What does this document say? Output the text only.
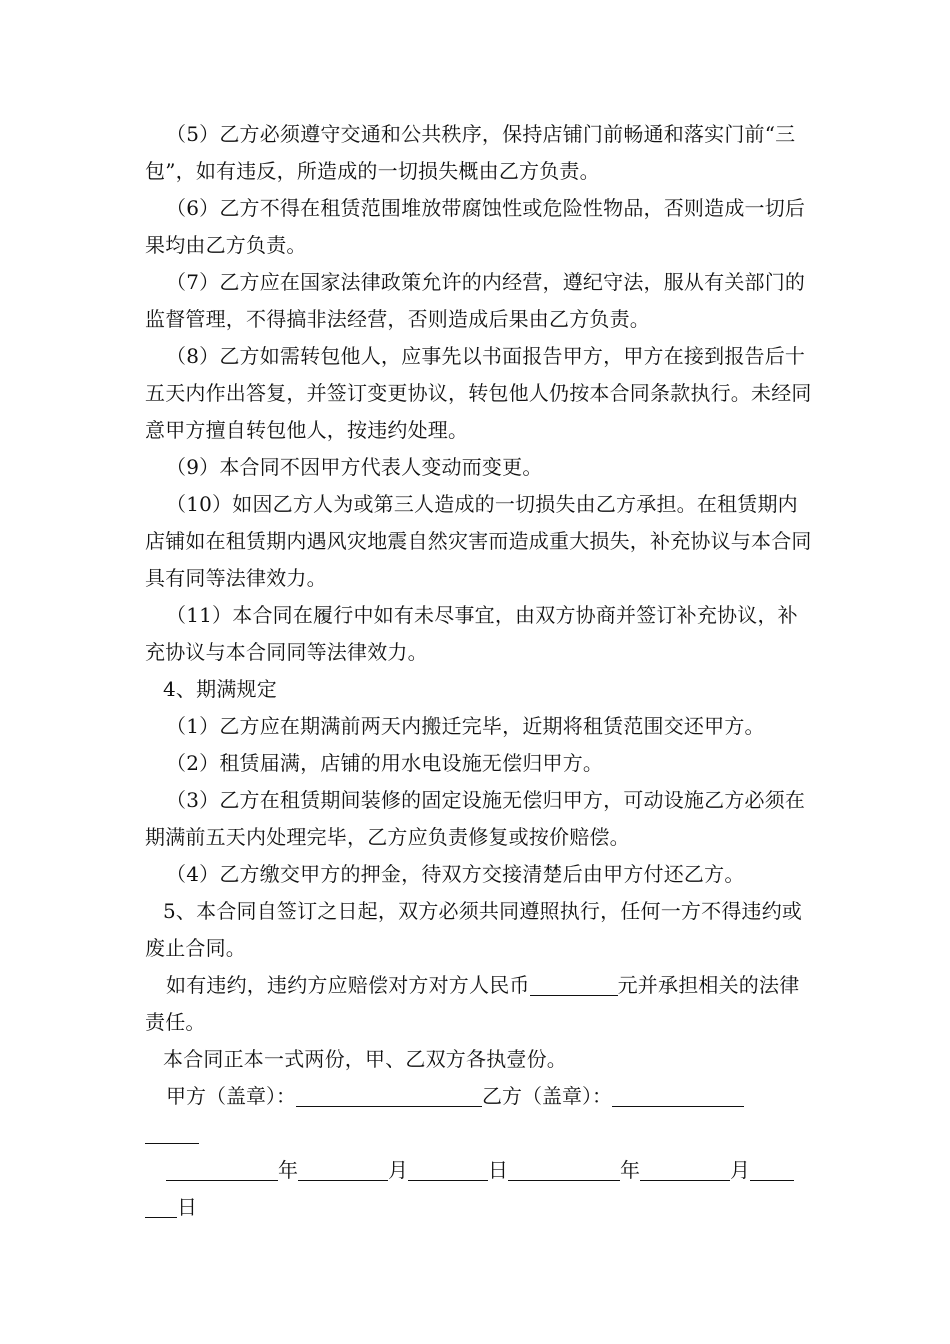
（5）乙方必须遵守交通和公共秩序，保持店铺门前畅通和落实门前“三包”，如有违反，所造成的一切损失概由乙方负责。

（6）乙方不得在租赁范围堆放带腐蚀性或危险性物品，否则造成一切后果均由乙方负责。

（7）乙方应在国家法律政策允许的内经营，遵纪守法，服从有关部门的监督管理，不得搞非法经营，否则造成后果由乙方负责。

（8）乙方如需转包他人，应事先以书面报告甲方，甲方在接到报告后十五天内作出答复，并签订变更协议，转包他人仍按本合同条款执行。未经同意甲方擅自转包他人，按违约处理。

（9）本合同不因甲方代表人变动而变更。

（10）如因乙方人为或第三人造成的一切损失由乙方承担。在租赁期内店铺如在租赁期内遇风灾地震自然灾害而造成重大损失，补充协议与本合同具有同等法律效力。

（11）本合同在履行中如有未尽事宜，由双方协商并签订补充协议，补充协议与本合同同等法律效力。

4、期满规定

（1）乙方应在期满前两天内搬迁完毕，近期将租赁范围交还甲方。

（2）租赁届满，店铺的用水电设施无偿归甲方。

（3）乙方在租赁期间装修的固定设施无偿归甲方，可动设施乙方必须在期满前五天内处理完毕，乙方应负责修复或按价赔偿。

（4）乙方缴交甲方的押金，待双方交接清楚后由甲方付还乙方。

5、本合同自签订之日起，双方必须共同遵照执行，任何一方不得违约或废止合同。

如有违约，违约方应赔偿对方对方人民币	元并承担相关的法律责任。

本合同正本一式两份，甲、乙双方各执壹份。

甲方（盖章）：	乙方（盖章）：

年	月	日	年	月

日
